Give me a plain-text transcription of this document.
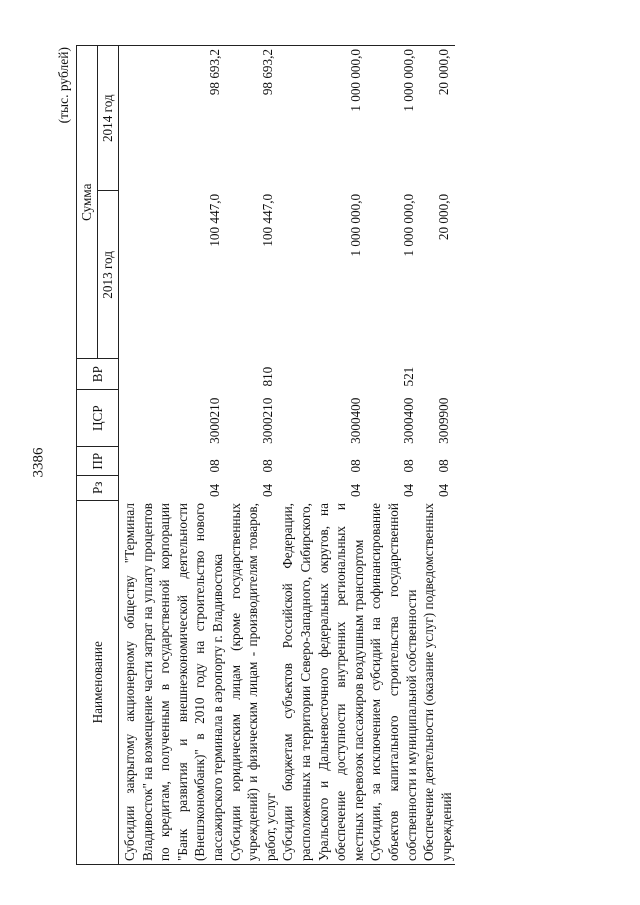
3386
(тыс. рублей)
Наименование	Рз	ПР	ЦСР	ВР	Сумма	
					2013 год	2014 год

Субсидии закрытому акционерному обществу "Терминал Владивосток" на возмещение части затрат на уплату процентов по кредитам, полученным в государственной корпорации "Банк развития и внешнеэкономической деятельности (Внешэкономбанк)" в 2010 году на строительство нового пассажирского терминала в аэропорту г. Владивостока	04	08	3000210		100 447,0	98 693,2
Субсидии юридическим лицам (кроме государственных учреждений) и физическим лицам - производителям товаров, работ, услуг	04	08	3000210	810	100 447,0	98 693,2
Субсидии бюджетам субъектов Российской Федерации, расположенных на территории Северо-Западного, Сибирского, Уральского и Дальневосточного федеральных округов, на обеспечение доступности внутренних региональных и местных перевозок пассажиров воздушным транспортом	04	08	3000400		1 000 000,0	1 000 000,0
Субсидии, за исключением субсидий на софинансирование объектов капитального строительства государственной собственности и муниципальной собственности	04	08	3000400	521	1 000 000,0	1 000 000,0
Обеспечение деятельности (оказание услуг) подведомственных учреждений	04	08	3009900		20 000,0	20 000,0
